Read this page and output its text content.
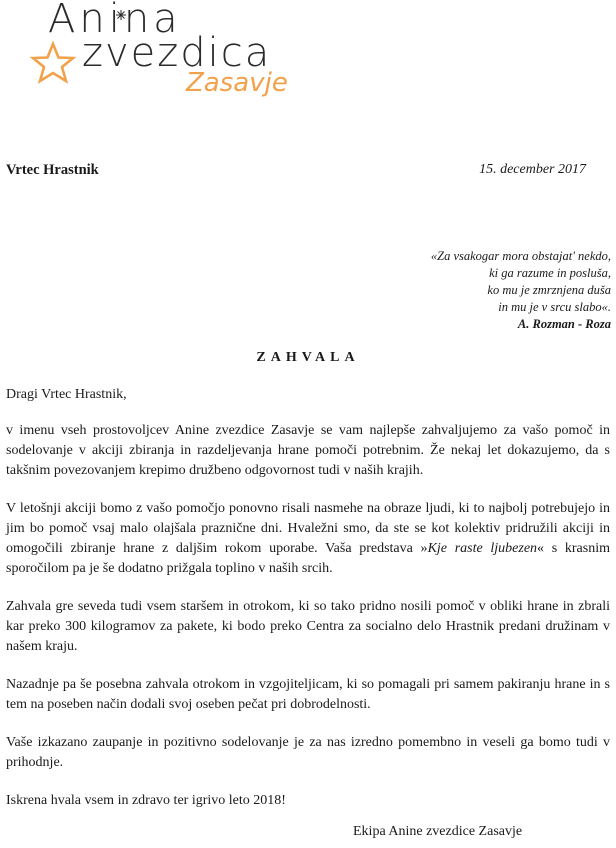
Anina
zvezdica
Zasavje
Vrtec Hrastnik	15. december 2017
«Za vsakogar mora obstajat' nekdo,
ki ga razume in posluša,
ko mu je zmrznjena duša
in mu je v srcu slabo«.
A. Rozman - Roza
ZAHVALA

Dragi Vrtec Hrastnik,

v imenu vseh prostovoljcev Anine zvezdice Zasavje se vam najlepše zahvaljujemo za vašo pomoč in sodelovanje v akciji zbiranja in razdeljevanja hrane pomoči potrebnim. Že nekaj let dokazujemo, da s takšnim povezovanjem krepimo družbeno odgovornost tudi v naših krajih.

V letošnji akciji bomo z vašo pomočjo ponovno risali nasmehe na obraze ljudi, ki to najbolj potrebujejo in jim bo pomoč vsaj malo olajšala praznične dni. Hvaležni smo, da ste se kot kolektiv pridružili akciji in omogočili zbiranje hrane z daljšim rokom uporabe. Vaša predstava »Kje raste ljubezen« s krasnim sporočilom pa je še dodatno prižgala toplino v naših srcih.

Zahvala gre seveda tudi vsem staršem in otrokom, ki so tako pridno nosili pomoč v obliki hrane in zbrali kar preko 300 kilogramov za pakete, ki bodo preko Centra za socialno delo Hrastnik predani družinam v našem kraju.

Nazadnje pa še posebna zahvala otrokom in vzgojiteljicam, ki so pomagali pri samem pakiranju hrane in s tem na poseben način dodali svoj oseben pečat pri dobrodelnosti.

Vaše izkazano zaupanje in pozitivno sodelovanje je za nas izredno pomembno in veseli ga bomo tudi v prihodnje.

Iskrena hvala vsem in zdravo ter igrivo leto 2018!

Ekipa Anine zvezdice Zasavje
